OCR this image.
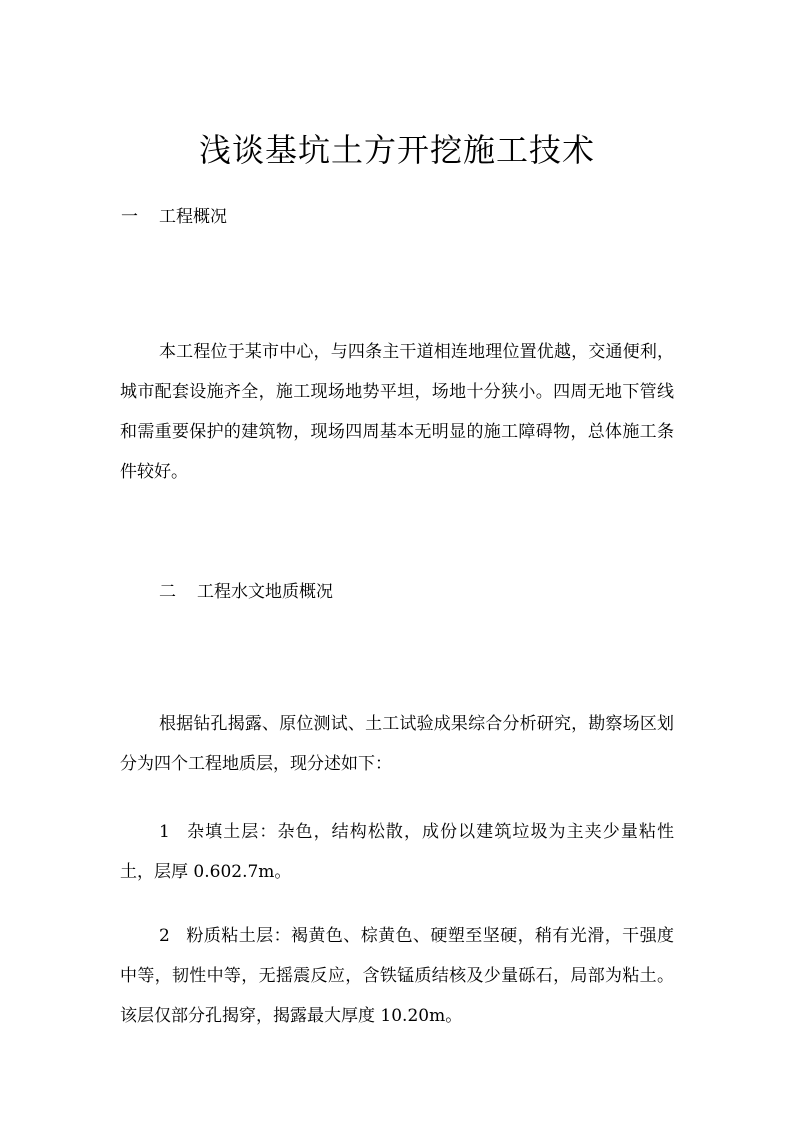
浅谈基坑土方开挖施工技术
一 工程概况

本工程位于某市中心，与四条主干道相连地理位置优越，交通便利，城市配套设施齐全，施工现场地势平坦，场地十分狭小。四周无地下管线和需重要保护的建筑物，现场四周基本无明显的施工障碍物，总体施工条件较好。

二 工程水文地质概况

根据钻孔揭露、原位测试、土工试验成果综合分析研究，勘察场区划分为四个工程地质层，现分述如下：

1 杂填土层：杂色，结构松散，成份以建筑垃圾为主夹少量粘性土，层厚 0.602.7m。

2 粉质粘土层：褐黄色、棕黄色、硬塑至坚硬，稍有光滑，干强度中等，韧性中等，无摇震反应，含铁锰质结核及少量砾石，局部为粘土。该层仅部分孔揭穿，揭露最大厚度 10.20m。
